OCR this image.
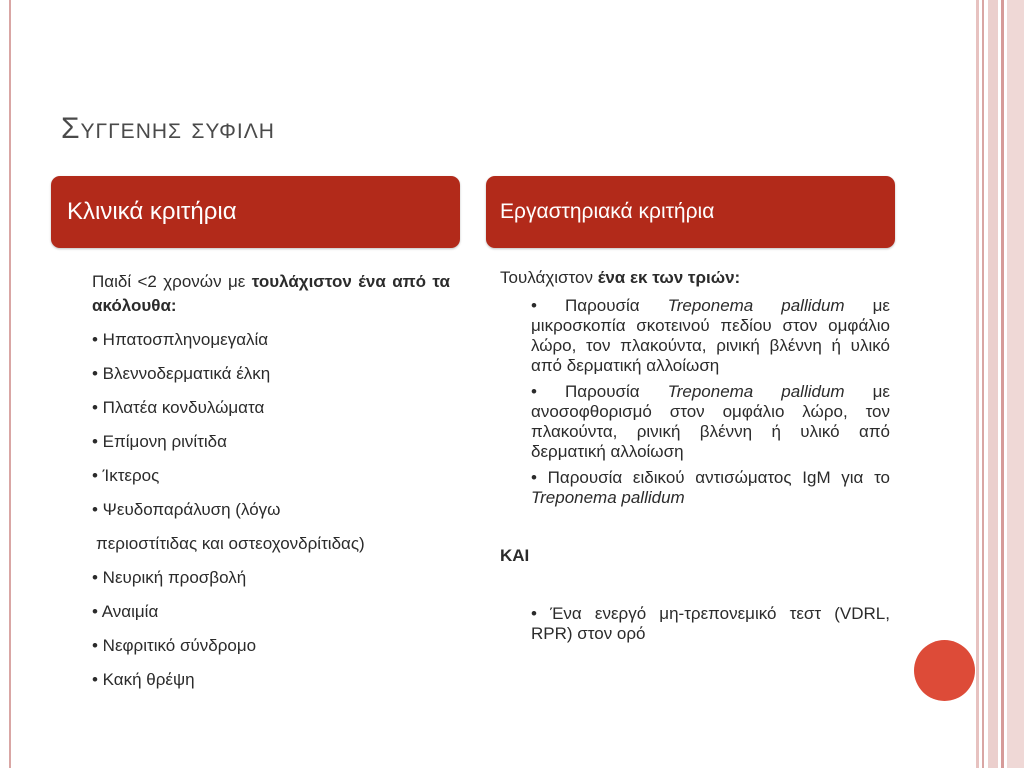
Συγγενης συφιλη
Κλινικά κριτήρια	Εργαστηριακά κριτήρια
Παιδί <2 χρονών με τουλάχιστον ένα από τα ακόλουθα:
• Ηπατοσπληνομεγαλία
• Βλεννοδερματικά έλκη
• Πλατέα κονδυλώματα
• Επίμονη ρινίτιδα
• Ίκτερος
• Ψευδοπαράλυση (λόγω
περιοστίτιδας και οστεοχονδρίτιδας)
• Νευρική προσβολή
• Αναιμία
• Νεφριτικό σύνδρομο
• Κακή θρέψη
Τουλάχιστον ένα εκ των τριών:
• Παρουσία Treponema pallidum με μικροσκοπία σκοτεινού πεδίου στον ομφάλιο λώρο, τον πλακούντα, ρινική βλέννη ή υλικό από δερματική αλλοίωση
• Παρουσία Treponema pallidum με ανοσοφθορισμό στον ομφάλιο λώρο, τον πλακούντα, ρινική βλέννη ή υλικό από δερματική αλλοίωση
• Παρουσία ειδικού αντισώματος IgM για το Treponema pallidum
ΚΑΙ
• Ένα ενεργό μη-τρεπονεμικό τεστ (VDRL, RPR) στον ορό
